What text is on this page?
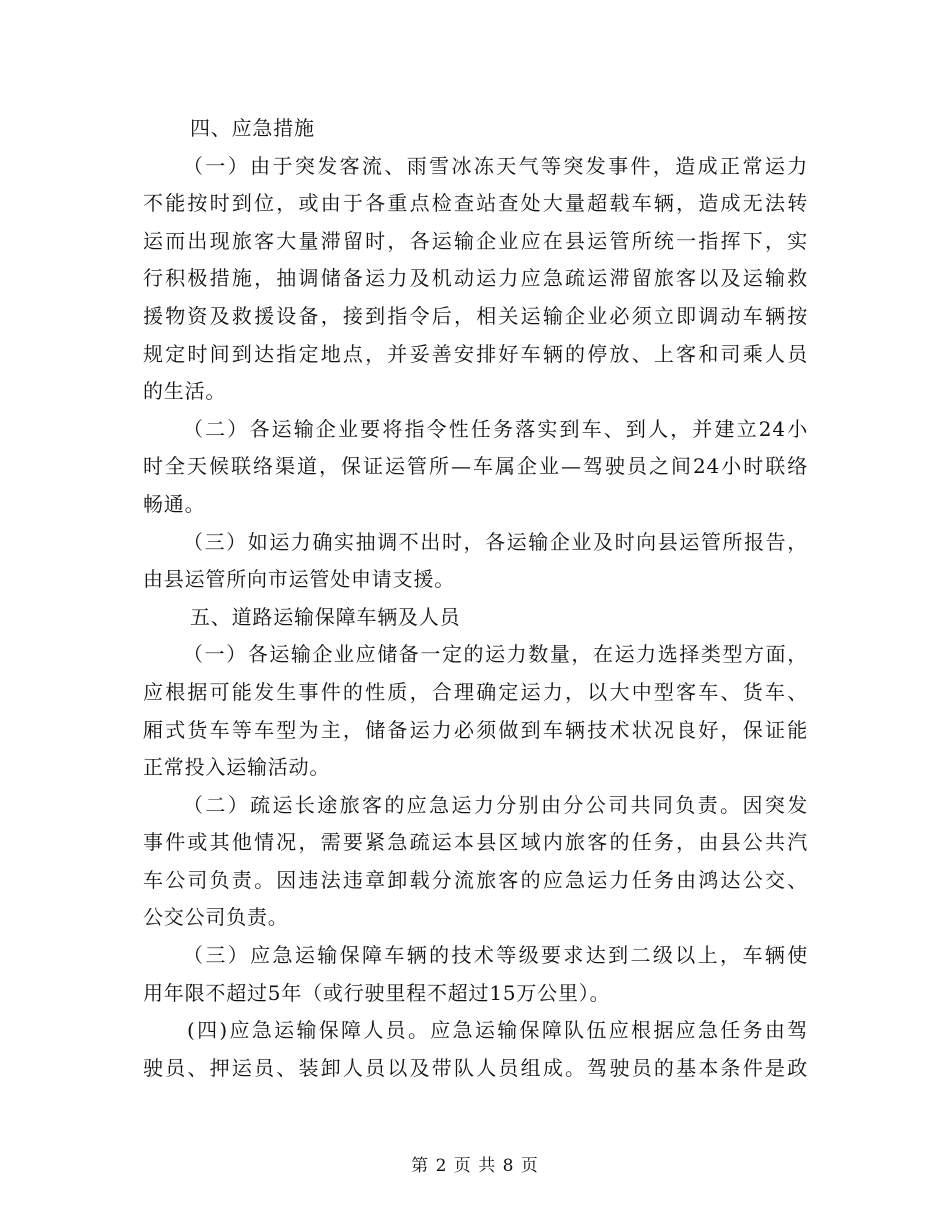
四、应急措施
（一）由于突发客流、雨雪冰冻天气等突发事件，造成正常运力
不能按时到位，或由于各重点检查站查处大量超载车辆，造成无法转
运而出现旅客大量滞留时，各运输企业应在县运管所统一指挥下，实
行积极措施，抽调储备运力及机动运力应急疏运滞留旅客以及运输救
援物资及救援设备，接到指令后，相关运输企业必须立即调动车辆按
规定时间到达指定地点，并妥善安排好车辆的停放、上客和司乘人员
的生活。
（二）各运输企业要将指令性任务落实到车、到人，并建立24小
时全天候联络渠道，保证运管所—车属企业—驾驶员之间24小时联络
畅通。
（三）如运力确实抽调不出时，各运输企业及时向县运管所报告，
由县运管所向市运管处申请支援。
五、道路运输保障车辆及人员
（一）各运输企业应储备一定的运力数量，在运力选择类型方面，
应根据可能发生事件的性质，合理确定运力，以大中型客车、货车、
厢式货车等车型为主，储备运力必须做到车辆技术状况良好，保证能
正常投入运输活动。
（二）疏运长途旅客的应急运力分别由分公司共同负责。因突发
事件或其他情况，需要紧急疏运本县区域内旅客的任务，由县公共汽
车公司负责。因违法违章卸载分流旅客的应急运力任务由鸿达公交、
公交公司负责。
（三）应急运输保障车辆的技术等级要求达到二级以上，车辆使
用年限不超过5年（或行驶里程不超过15万公里）。
(四)应急运输保障人员。应急运输保障队伍应根据应急任务由驾
驶员、押运员、装卸人员以及带队人员组成。驾驶员的基本条件是政
第 2 页 共 8 页
